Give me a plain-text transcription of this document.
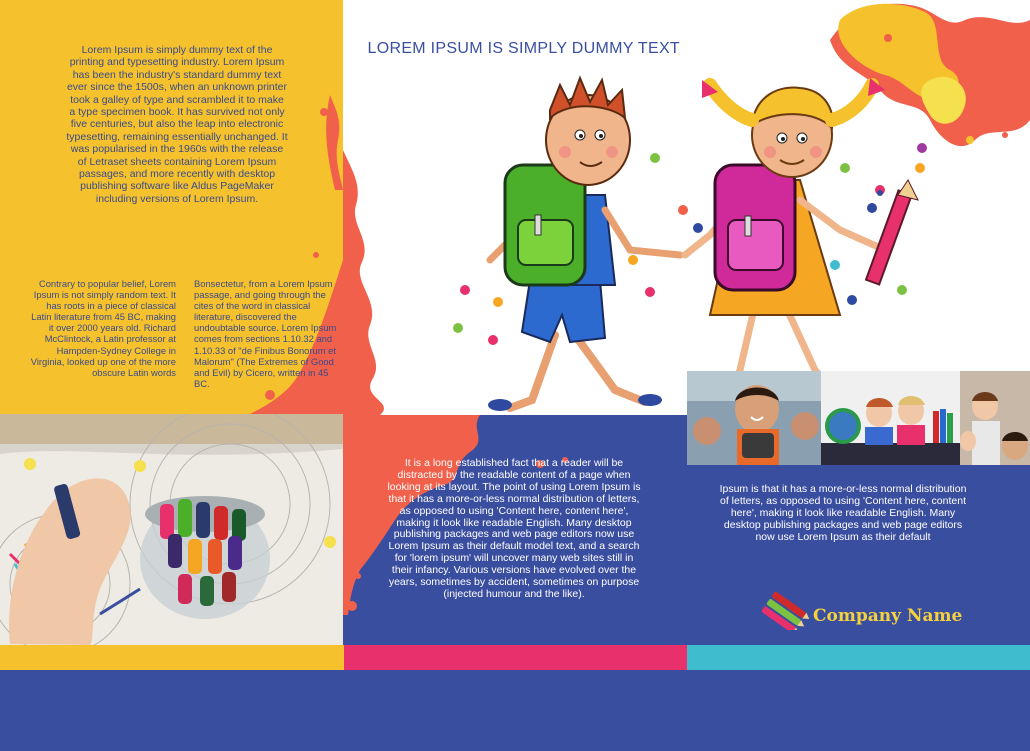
Lorem Ipsum is simply dummy text of the printing and typesetting industry. Lorem Ipsum has been the industry's standard dummy text ever since the 1500s, when an unknown printer took a galley of type and scrambled it to make a type specimen book. It has survived not only five centuries, but also the leap into electronic typesetting, remaining essentially unchanged. It was popularised in the 1960s with the release of Letraset sheets containing Lorem Ipsum passages, and more recently with desktop publishing software like Aldus PageMaker including versions of Lorem Ipsum.
Contrary to popular belief, Lorem Ipsum is not simply random text. It has roots in a piece of classical Latin literature from 45 BC, making it over 2000 years old. Richard McClintock, a Latin professor at Hampden-Sydney College in Virginia, looked up one of the more obscure Latin words
Bonsectetur, from a Lorem Ipsum passage, and going through the cites of the word in classical literature, discovered the undoubtable source. Lorem Ipsum comes from sections 1.10.32 and 1.10.33 of "de Finibus Bonorum et Malorum" (The Extremes of Good and Evil) by Cicero, written in 45 BC.
LOREM IPSUM IS SIMPLY DUMMY TEXT
It is a long established fact that a reader will be distracted by the readable content of a page when looking at its layout. The point of using Lorem Ipsum is that it has a more-or-less normal distribution of letters, as opposed to using 'Content here, content here', making it look like readable English. Many desktop publishing packages and web page editors now use Lorem Ipsum as their default model text, and a search for 'lorem ipsum' will uncover many web sites still in their infancy. Various versions have evolved over the years, sometimes by accident, sometimes on purpose (injected humour and the like).
Ipsum is that it has a more-or-less normal distribution of letters, as opposed to using 'Content here, content here', making it look like readable English. Many desktop publishing packages and web page editors now use Lorem Ipsum as their default
Company Name
